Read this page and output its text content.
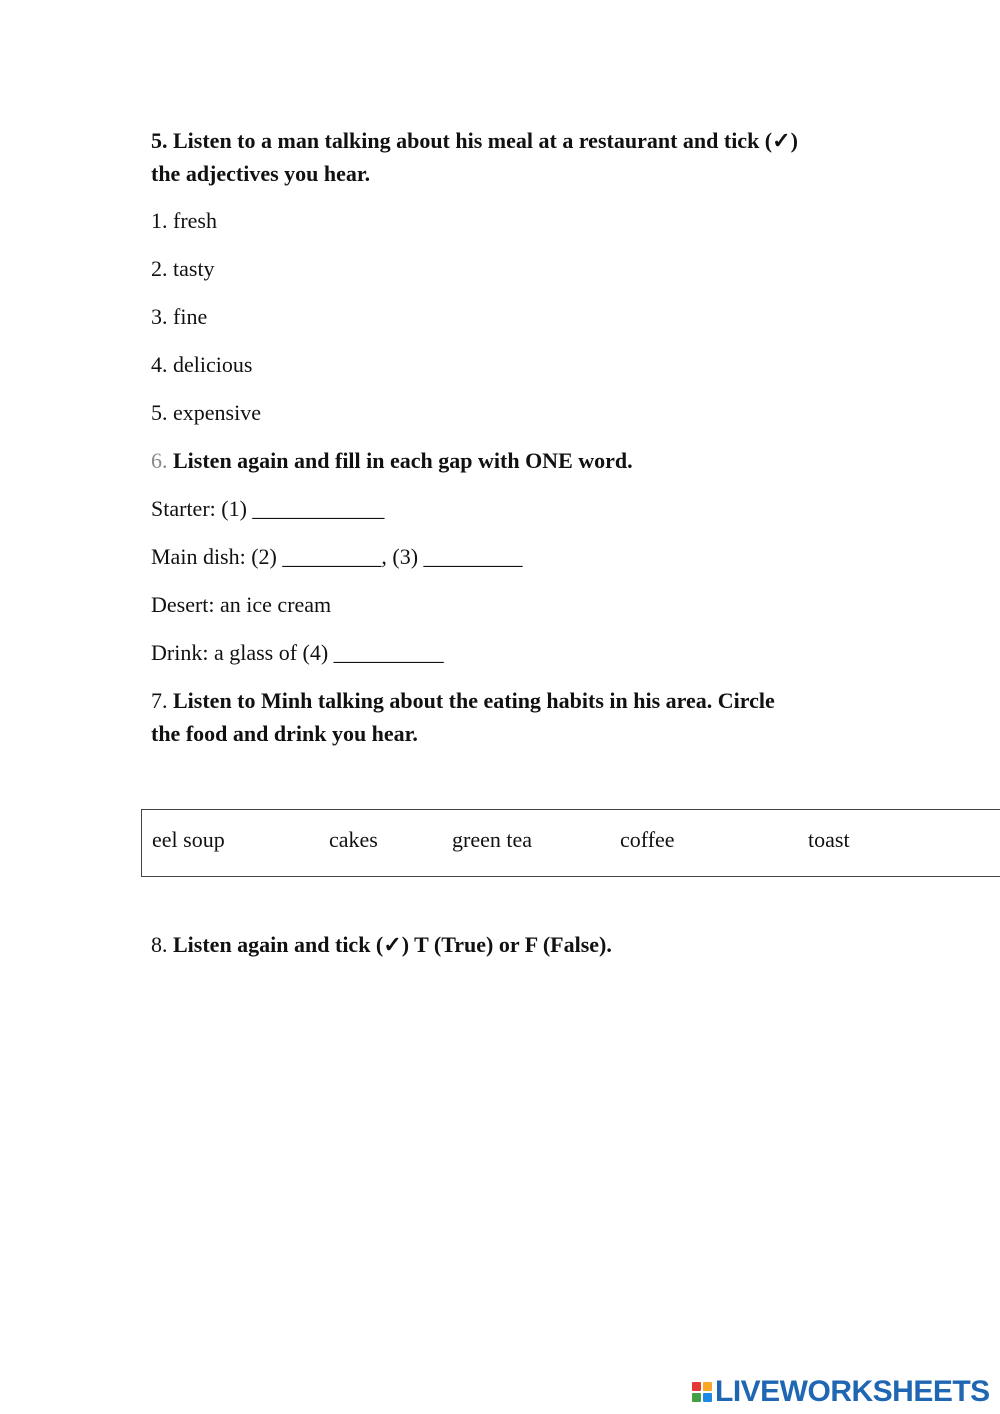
5. Listen to a man talking about his meal at a restaurant and tick (✓)
the adjectives you hear.
1. fresh
2. tasty
3. fine
4. delicious
5. expensive
6. Listen again and fill in each gap with ONE word.
Starter: (1) ____________
Main dish: (2) _________, (3) _________
Desert: an ice cream
Drink: a glass of (4) __________
7. Listen to Minh talking about the eating habits in his area. Circle
the food and drink you hear.
eel soup	cakes	green tea	coffee	toast
8. Listen again and tick (✓) T (True) or F (False).
LIVEWORKSHEETS
